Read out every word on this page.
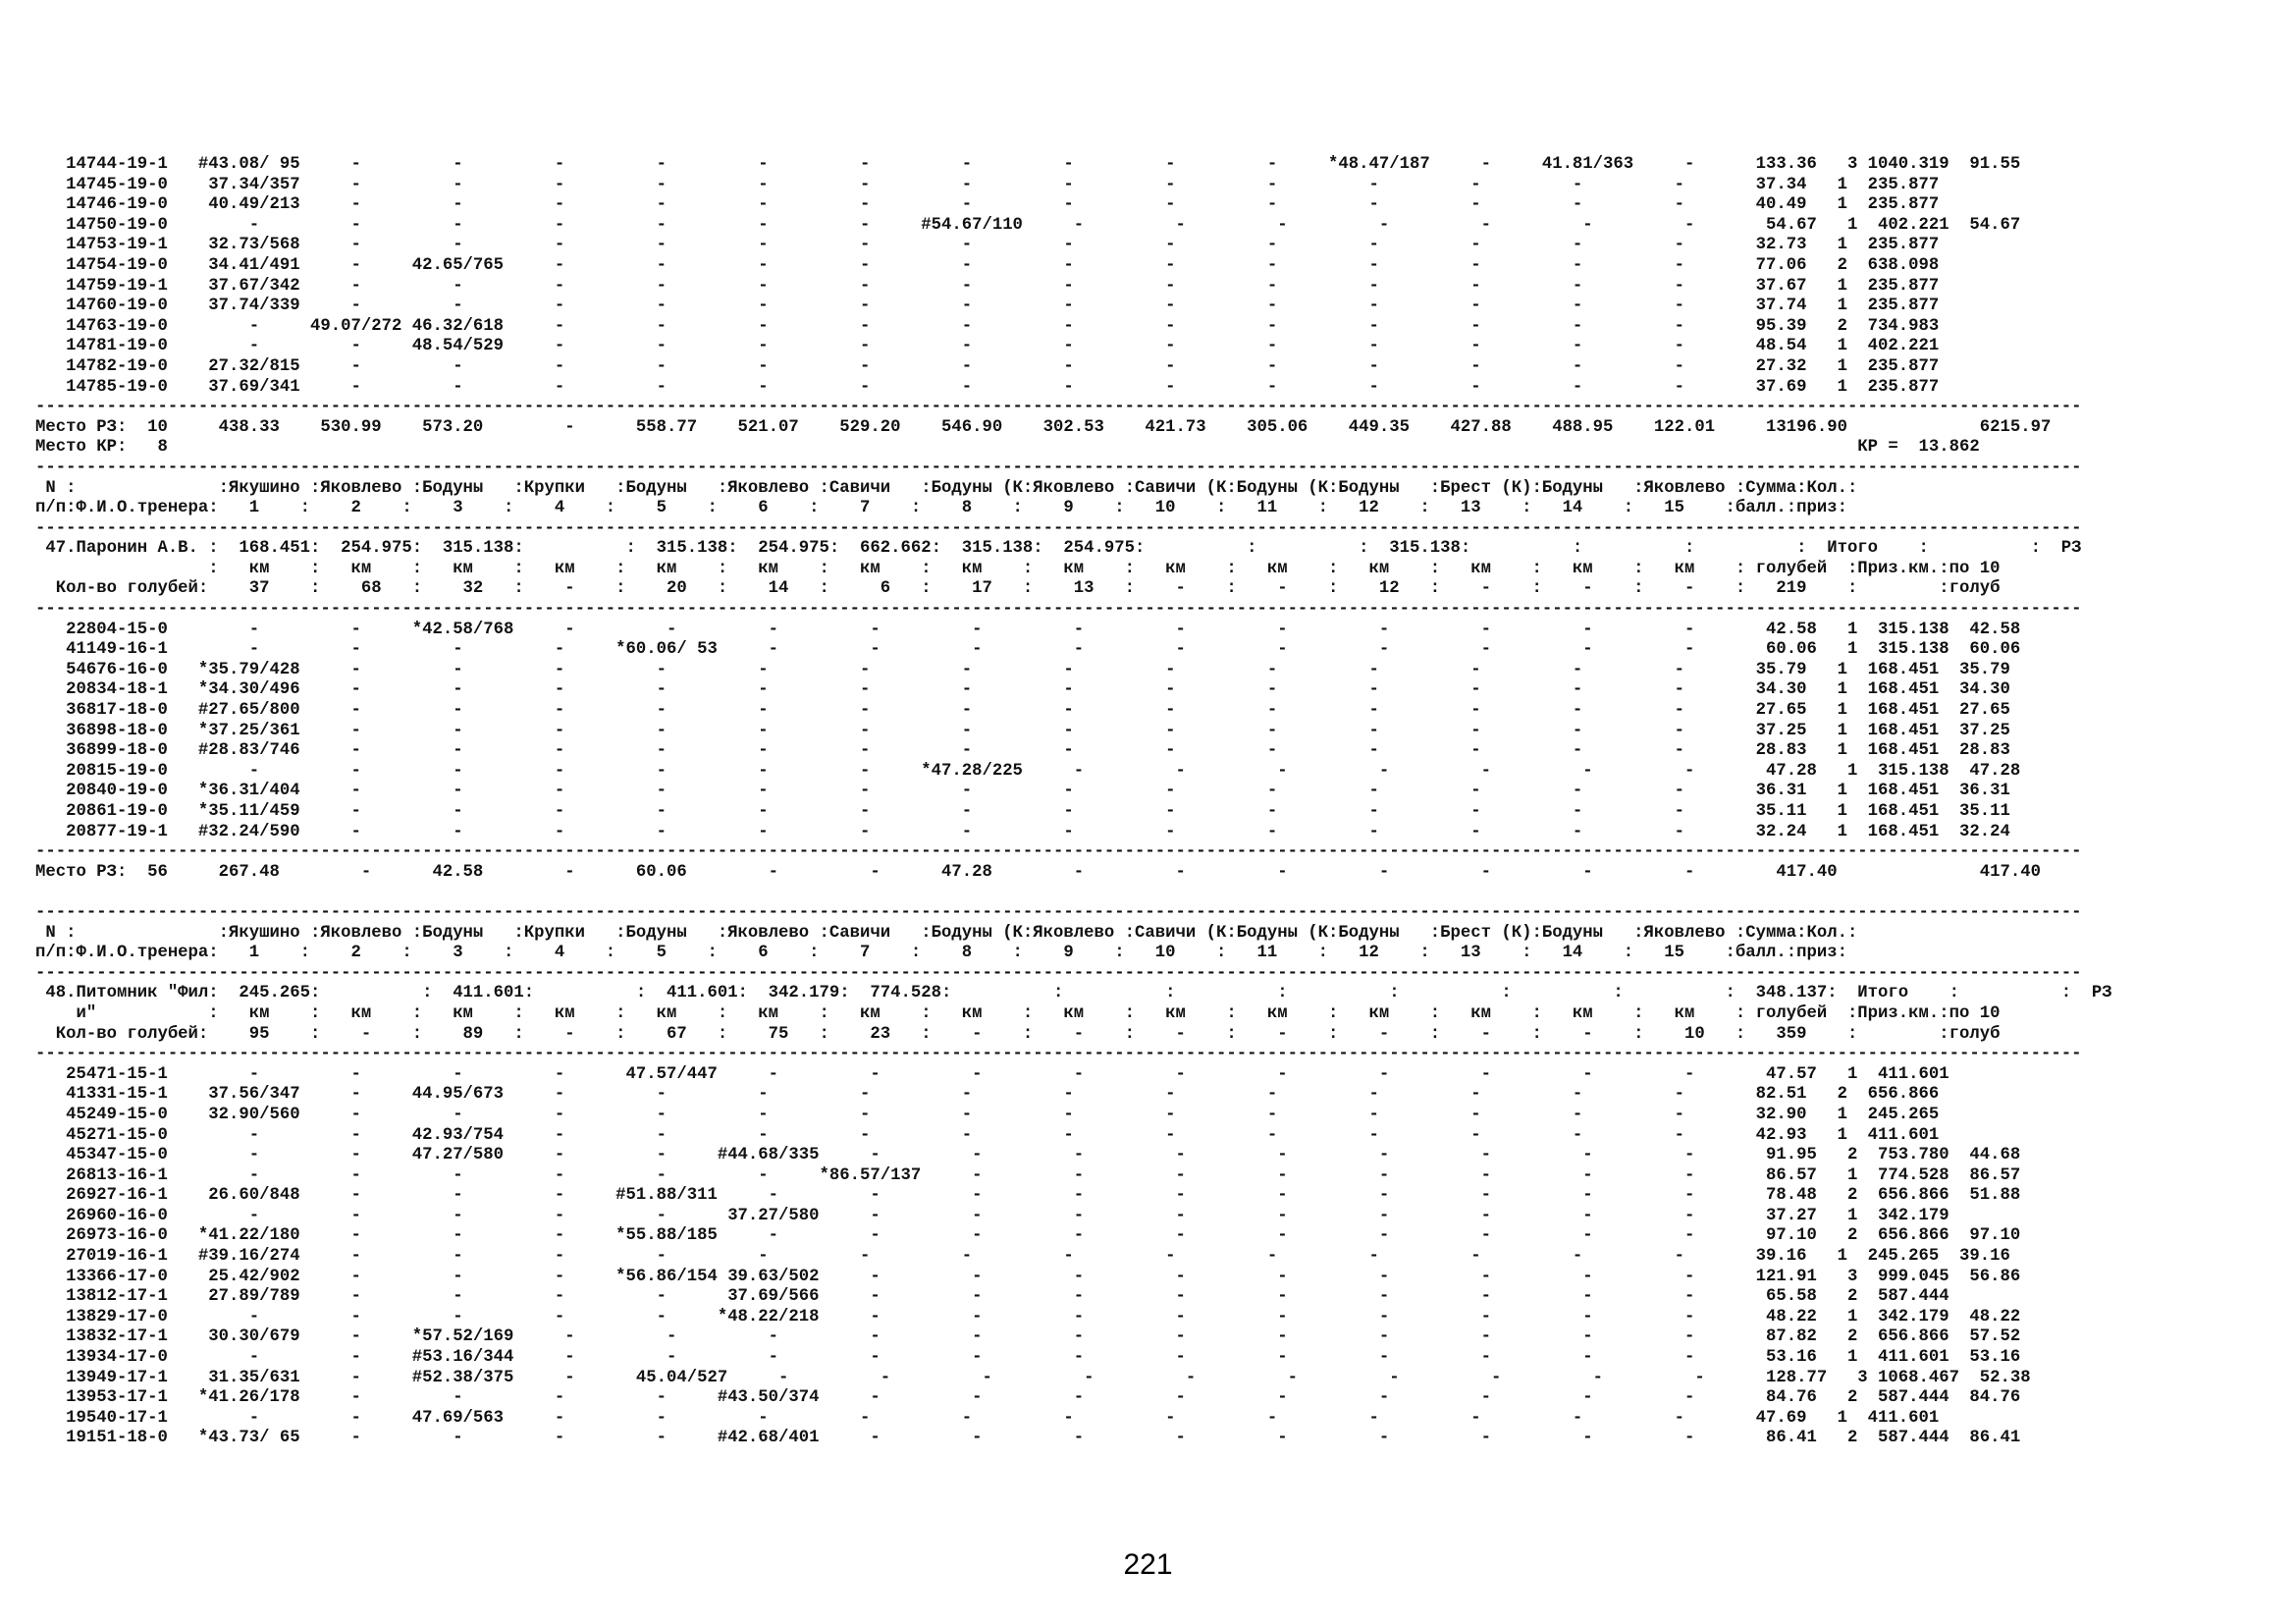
14744-19-1   #43.08/ 95     -         -         -         -         -         -         -         -         -         -     *48.47/187     -     41.81/363     -      133.36   3 1040.319  91.55
14745-19-0    37.34/357     -         -         -         -         -         -         -         -         -         -         -         -         -         -       37.34   1  235.877
14746-19-0    40.49/213     -         -         -         -         -         -         -         -         -         -         -         -         -         -       40.49   1  235.877
14750-19-0        -         -         -         -         -         -         -     #54.67/110     -         -         -         -         -         -         -       54.67   1  402.221  54.67
14753-19-1    32.73/568     -         -         -         -         -         -         -         -         -         -         -         -         -         -       32.73   1  235.877
14754-19-0    34.41/491     -     42.65/765     -         -         -         -         -         -         -         -         -         -         -         -       77.06   2  638.098
14759-19-1    37.67/342     -         -         -         -         -         -         -         -         -         -         -         -         -         -       37.67   1  235.877
14760-19-0    37.74/339     -         -         -         -         -         -         -         -         -         -         -         -         -         -       37.74   1  235.877
14763-19-0        -     49.07/272 46.32/618     -         -         -         -         -         -         -         -         -         -         -         -       95.39   2  734.983
14781-19-0        -         -     48.54/529     -         -         -         -         -         -         -         -         -         -         -         -       48.54   1  402.221
14782-19-0    27.32/815     -         -         -         -         -         -         -         -         -         -         -         -         -         -       27.32   1  235.877
14785-19-0    37.69/341     -         -         -         -         -         -         -         -         -         -         -         -         -         -       37.69   1  235.877
---------------------------------------------------------------------------------------------------------------------------------------------------------------------------------------------------------
Место РЗ:  10     438.33    530.99    573.20        -      558.77    521.07    529.20    546.90    302.53    421.73    305.06    449.35    427.88    488.95    122.01     13196.90             6215.97
Место КР:   8                                                                                                                                                                      КР =  13.862
---------------------------------------------------------------------------------------------------------------------------------------------------------------------------------------------------------
N :              :Якушино :Яковлево :Бодуны   :Крупки   :Бодуны   :Яковлево :Савичи   :Бодуны (К:Яковлево :Савичи (К:Бодуны (К:Бодуны   :Брест (К):Бодуны   :Яковлево :Сумма:Кол.:
п/п:Ф.И.О.тренера:   1    :    2    :    3    :    4    :    5    :    6    :    7    :    8    :    9    :   10    :   11    :   12    :   13    :   14    :   15    :балл.:приз:
---------------------------------------------------------------------------------------------------------------------------------------------------------------------------------------------------------
47.Паронин А.В. :  168.451:  254.975:  315.138:          :  315.138:  254.975:  662.662:  315.138:  254.975:          :          :  315.138:          :          :          :  Итого    :          :  РЗ
:   км    :   км    :   км    :   км    :   км    :   км    :   км    :   км    :   км    :   км    :   км    :   км    :   км    :   км    :   км    : голубей  :Приз.км.:по 10
Кол-во голубей:    37    :    68   :    32   :    -    :    20   :    14   :     6   :    17   :    13   :    -    :    -    :    12   :    -    :    -    :    -    :   219    :        :голуб
---------------------------------------------------------------------------------------------------------------------------------------------------------------------------------------------------------
22804-15-0        -         -     *42.58/768     -         -         -         -         -         -         -         -         -         -         -         -       42.58   1  315.138  42.58
41149-16-1        -         -         -         -     *60.06/ 53     -         -         -         -         -         -         -         -         -         -       60.06   1  315.138  60.06
54676-16-0   *35.79/428     -         -         -         -         -         -         -         -         -         -         -         -         -         -       35.79   1  168.451  35.79
20834-18-1   *34.30/496     -         -         -         -         -         -         -         -         -         -         -         -         -         -       34.30   1  168.451  34.30
36817-18-0   #27.65/800     -         -         -         -         -         -         -         -         -         -         -         -         -         -       27.65   1  168.451  27.65
36898-18-0   *37.25/361     -         -         -         -         -         -         -         -         -         -         -         -         -         -       37.25   1  168.451  37.25
36899-18-0   #28.83/746     -         -         -         -         -         -         -         -         -         -         -         -         -         -       28.83   1  168.451  28.83
20815-19-0        -         -         -         -         -         -         -     *47.28/225     -         -         -         -         -         -         -       47.28   1  315.138  47.28
20840-19-0   *36.31/404     -         -         -         -         -         -         -         -         -         -         -         -         -         -       36.31   1  168.451  36.31
20861-19-0   *35.11/459     -         -         -         -         -         -         -         -         -         -         -         -         -         -       35.11   1  168.451  35.11
20877-19-1   #32.24/590     -         -         -         -         -         -         -         -         -         -         -         -         -         -       32.24   1  168.451  32.24
---------------------------------------------------------------------------------------------------------------------------------------------------------------------------------------------------------
Место РЗ:  56     267.48        -      42.58        -      60.06        -         -      47.28        -         -         -         -         -         -         -        417.40              417.40
---------------------------------------------------------------------------------------------------------------------------------------------------------------------------------------------------------
N :              :Якушино :Яковлево :Бодуны   :Крупки   :Бодуны   :Яковлево :Савичи   :Бодуны (К:Яковлево :Савичи (К:Бодуны (К:Бодуны   :Брест (К):Бодуны   :Яковлево :Сумма:Кол.:
п/п:Ф.И.О.тренера:   1    :    2    :    3    :    4    :    5    :    6    :    7    :    8    :    9    :   10    :   11    :   12    :   13    :   14    :   15    :балл.:приз:
---------------------------------------------------------------------------------------------------------------------------------------------------------------------------------------------------------
48.Питомник "Фил:  245.265:          :  411.601:          :  411.601:  342.179:  774.528:          :          :          :          :          :          :          :  348.137:  Итого    :          :  РЗ
и"           :   км    :   км    :   км    :   км    :   км    :   км    :   км    :   км    :   км    :   км    :   км    :   км    :   км    :   км    :   км    : голубей  :Приз.км.:по 10
Кол-во голубей:    95    :    -    :    89   :    -    :    67   :    75   :    23   :    -    :    -    :    -    :    -    :    -    :    -    :    -    :    10   :   359    :        :голуб
---------------------------------------------------------------------------------------------------------------------------------------------------------------------------------------------------------
25471-15-1        -         -         -         -      47.57/447     -         -         -         -         -         -         -         -         -         -       47.57   1  411.601
41331-15-1    37.56/347     -     44.95/673     -         -         -         -         -         -         -         -         -         -         -         -       82.51   2  656.866
45249-15-0    32.90/560     -         -         -         -         -         -         -         -         -         -         -         -         -         -       32.90   1  245.265
45271-15-0        -         -     42.93/754     -         -         -         -         -         -         -         -         -         -         -         -       42.93   1  411.601
45347-15-0        -         -     47.27/580     -         -     #44.68/335     -         -         -         -         -         -         -         -         -       91.95   2  753.780  44.68
26813-16-1        -         -         -         -         -         -     *86.57/137     -         -         -         -         -         -         -         -       86.57   1  774.528  86.57
26927-16-1    26.60/848     -         -         -     #51.88/311     -         -         -         -         -         -         -         -         -         -       78.48   2  656.866  51.88
26960-16-0        -         -         -         -         -      37.27/580     -         -         -         -         -         -         -         -         -       37.27   1  342.179
26973-16-0   *41.22/180     -         -         -     *55.88/185     -         -         -         -         -         -         -         -         -         -       97.10   2  656.866  97.10
27019-16-1   #39.16/274     -         -         -         -         -         -         -         -         -         -         -         -         -         -       39.16   1  245.265  39.16
13366-17-0    25.42/902     -         -         -     *56.86/154 39.63/502     -         -         -         -         -         -         -         -         -      121.91   3  999.045  56.86
13812-17-1    27.89/789     -         -         -         -      37.69/566     -         -         -         -         -         -         -         -         -       65.58   2  587.444
13829-17-0        -         -         -         -         -     *48.22/218     -         -         -         -         -         -         -         -         -       48.22   1  342.179  48.22
13832-17-1    30.30/679     -     *57.52/169     -         -         -         -         -         -         -         -         -         -         -         -       87.82   2  656.866  57.52
13934-17-0        -         -     #53.16/344     -         -         -         -         -         -         -         -         -         -         -         -       53.16   1  411.601  53.16
13949-17-1    31.35/631     -     #52.38/375     -      45.04/527     -         -         -         -         -         -         -         -         -         -      128.77   3 1068.467  52.38
13953-17-1   *41.26/178     -         -         -         -     #43.50/374     -         -         -         -         -         -         -         -         -       84.76   2  587.444  84.76
19540-17-1        -         -     47.69/563     -         -         -         -         -         -         -         -         -         -         -         -       47.69   1  411.601
19151-18-0   *43.73/ 65     -         -         -         -     #42.68/401     -         -         -         -         -         -         -         -         -       86.41   2  587.444  86.41
221
